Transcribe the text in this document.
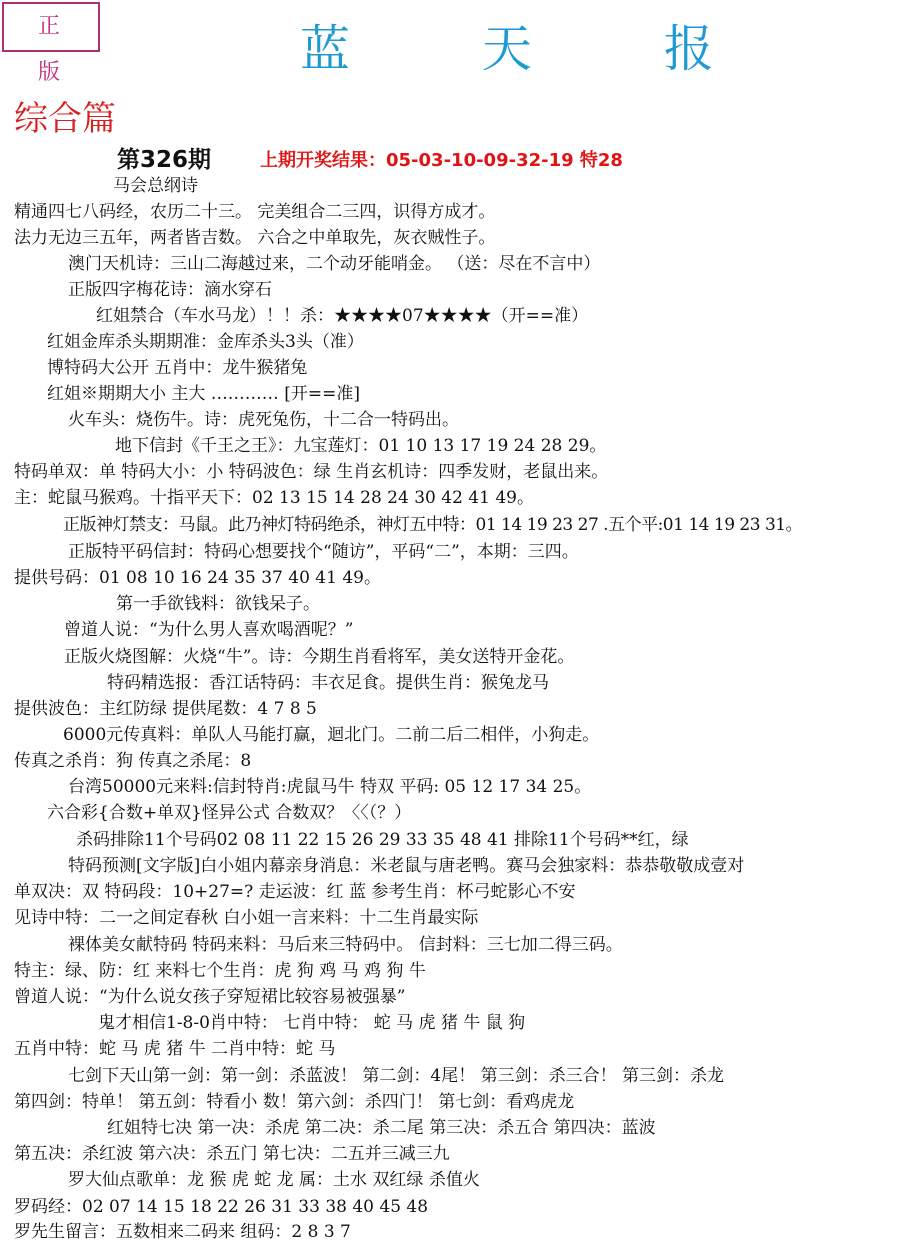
正 版	蓝 天 报
综合篇
第326期	上期开奖结果：05-03-10-09-32-19 特28
马会总纲诗
精通四七八码经，农历二十三。 完美组合二三四，识得方成才。
法力无边三五年，两者皆吉数。 六合之中单取先，灰衣贼性子。
澳门天机诗：三山二海越过来，二个动牙能哨金。 （送：尽在不言中）
正版四字梅花诗：滴水穿石
红姐禁合（车水马龙）！！杀：★★★★07★★★★（开==准）
红姐金库杀头期期准：金库杀头3头（准）
博特码大公开 五肖中：龙牛猴猪兔
红姐※期期大小 主大 ………… [开==准]
火车头：烧伤牛。诗：虎死兔伤，十二合一特码出。
地下信封《千王之王》：九宝莲灯：01 10 13 17 19 24 28 29。
特码单双：单 特码大小：小 特码波色：绿 生肖玄机诗：四季发财，老鼠出来。
主：蛇鼠马猴鸡。十指平天下：02 13 15 14 28 24 30 42 41 49。
正版神灯禁支：马鼠。此乃神灯特码绝杀，神灯五中特：01 14 19 23 27 .五个平:01 14 19 23 31。
正版特平码信封：特码心想要找个“随访”，平码“二”，本期：三四。
提供号码：01 08 10 16 24 35 37 40 41 49。
第一手欲钱料：欲钱呆子。
曾道人说：“为什么男人喜欢喝酒呢？”
正版火烧图解：火烧“牛”。诗：今期生肖看将军，美女送特开金花。
特码精选报：香江话特码：丰衣足食。提供生肖：猴兔龙马
提供波色：主红防绿 提供尾数：4 7 8 5
6000元传真料：单队人马能打赢，迴北门。二前二后二相伴，小狗走。
传真之杀肖：狗 传真之杀尾：8
台湾50000元来料:信封特肖:虎鼠马牛 特双 平码: 05 12 17 34 25。
六合彩{合数+单双}怪异公式 合数双？〈〈（？）
杀码排除11个号码02 08 11 22 15 26 29 33 35 48 41 排除11个号码**红，绿
特码预测[文字版]白小姐内幕亲身消息：米老鼠与唐老鸭。赛马会独家料：恭恭敬敬成壹对
单双决：双 特码段：10+27=? 走运波：红 蓝 参考生肖：杯弓蛇影心不安
见诗中特：二一之间定春秋 白小姐一言来料：十二生肖最实际
裸体美女献特码 特码来料：马后来三特码中。 信封料：三七加二得三码。
特主：绿、防：红 来料七个生肖：虎 狗 鸡 马 鸡 狗 牛
曾道人说：“为什么说女孩子穿短裙比较容易被强暴”
鬼才相信1-8-0肖中特： 七肖中特： 蛇 马 虎 猪 牛 鼠 狗
五肖中特：蛇 马 虎 猪 牛 二肖中特：蛇 马
七剑下天山第一剑：第一剑：杀蓝波！ 第二剑：4尾！ 第三剑：杀三合！ 第三剑：杀龙
第四剑：特单！ 第五剑：特看小 数！第六剑：杀四门！ 第七剑：看鸡虎龙
红姐特七决 第一决：杀虎 第二决：杀二尾 第三决：杀五合 第四决：蓝波
第五决：杀红波 第六决：杀五门 第七决：二五并三减三九
罗大仙点歌单：龙 猴 虎 蛇 龙 属：土水 双红绿 杀值火
罗码经：02 07 14 15 18 22 26 31 33 38 40 45 48
罗先生留言：五数相来二码来 组码：2 8 3 7
